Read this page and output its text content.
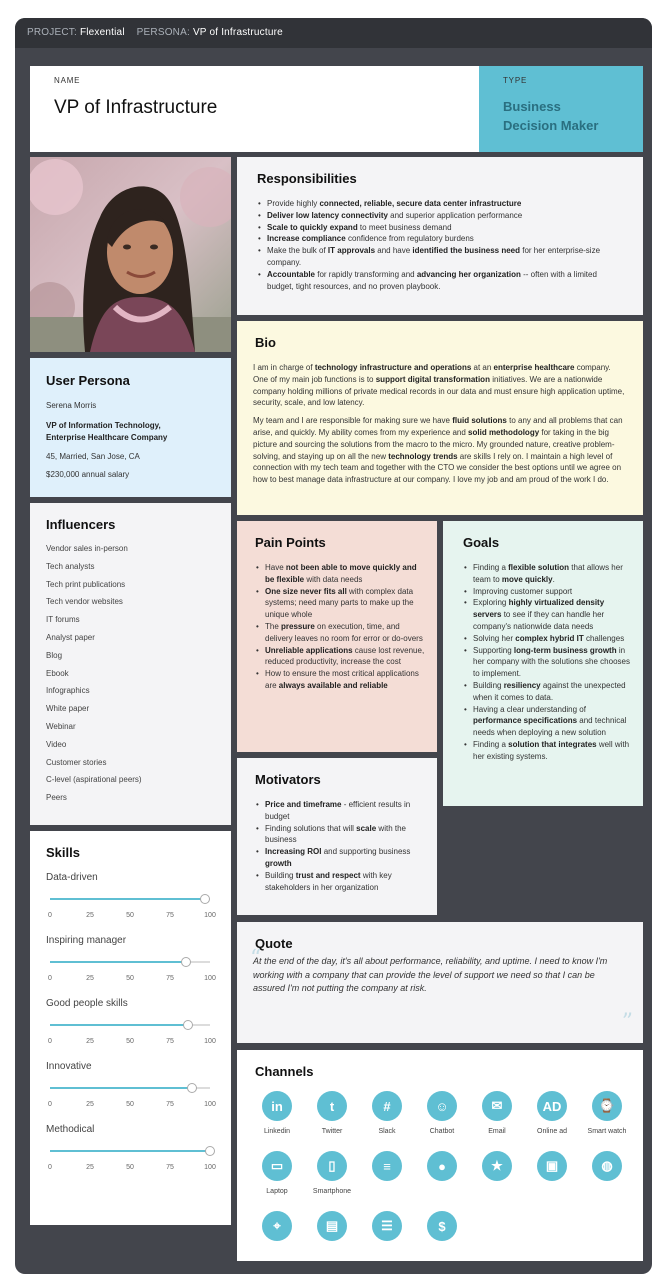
PROJECT: Flexential PERSONA: VP of Infrastructure
NAME
VP of Infrastructure
TYPE
Business
Decision Maker
User Persona
Serena Morris
VP of Information Technology,
Enterprise Healthcare Company
45, Married, San Jose, CA
$230,000 annual salary
Influencers
Vendor sales in-person
Tech analysts
Tech print publications
Tech vendor websites
IT forums
Analyst paper
Blog
Ebook
Infographics
White paper
Webinar
Video
Customer stories
C-level (aspirational peers)
Peers
Skills
Data-driven
0	25	50	75	100
Inspiring manager
0	25	50	75	100
Good people skills
0	25	50	75	100
Innovative
0	25	50	75	100
Methodical
0	25	50	75	100
Responsibilities
• Provide highly connected, reliable, secure data center infrastructure
• Deliver low latency connectivity and superior application performance
• Scale to quickly expand to meet business demand
• Increase compliance confidence from regulatory burdens
• Make the bulk of IT approvals and have identified the business need for her enterprise-size company.
• Accountable for rapidly transforming and advancing her organization -- often with a limited budget, tight resources, and no proven playbook.
Bio

I am in charge of technology infrastructure and operations at an enterprise healthcare company. One of my main job functions is to support digital transformation initiatives. We are a nationwide company holding millions of private medical records in our data and must ensure high application uptime, security, scale, and low latency.

My team and I are responsible for making sure we have fluid solutions to any and all problems that can arise, and quickly. My ability comes from my experience and solid methodology for taking in the big picture and sourcing the solutions from the macro to the micro. My grounded nature, creative problem-solving, and staying up on all the new technology trends are skills I rely on. I maintain a high level of connection with my tech team and together with the CTO we consider the best options until we agree on how to best manage data infrastructure at our company. I love my job and am proud of the work I do.

Pain Points
• Have not been able to move quickly and be flexible with data needs
• One size never fits all with complex data systems; need many parts to make up the unique whole
• The pressure on execution, time, and delivery leaves no room for error or do-overs
• Unreliable applications cause lost revenue, reduced productivity, increase the cost
• How to ensure the most critical applications are always available and reliable
Goals
• Finding a flexible solution that allows her team to move quickly.
• Improving customer support
• Exploring highly virtualized density servers to see if they can handle her company's nationwide data needs
• Solving her complex hybrid IT challenges
• Supporting long-term business growth in her company with the solutions she chooses to implement.
• Building resiliency against the unexpected when it comes to data.
• Having a clear understanding of performance specifications and technical needs when deploying a new solution
• Finding a solution that integrates well with her existing systems.
Motivators
• Price and timeframe - efficient results in budget
• Finding solutions that will scale with the business
• Increasing ROI and supporting business growth
• Building trust and respect with key stakeholders in her organization
Quote
“

At the end of the day, it's all about performance, reliability, and uptime. I need to know I'm working with a company that can provide the level of support we need so that I can be assured I'm not putting the company at risk.

”
Channels
in
Linkedin
t
Twitter
#
Slack
☺
Chatbot
✉
Email
AD
Online ad
⌚
Smart watch
▭
Laptop
▯
Smartphone
≡	●	★	▣	◍
⌖	▤	☰	$
